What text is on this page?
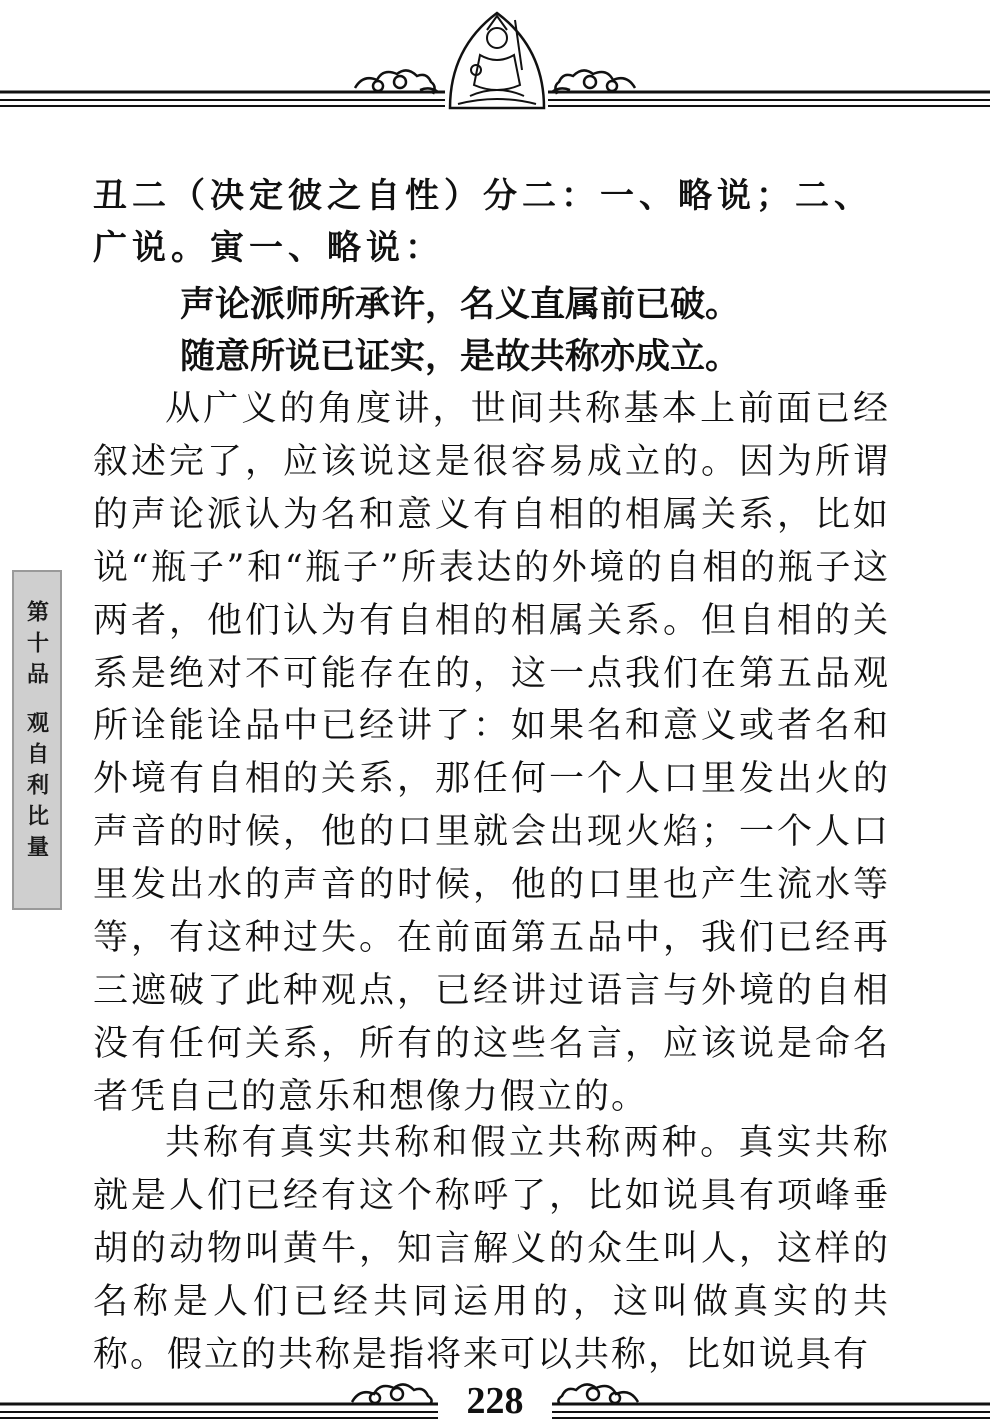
第十品观自利比量
丑二（决定彼之自性）分二：一、略说；二、
广说。寅一、略说：
声论派师所承许，名义直属前已破。
随意所说已证实，是故共称亦成立。

从广义的角度讲，世间共称基本上前面已经叙述完了，应该说这是很容易成立的。因为所谓的声论派认为名和意义有自相的相属关系，比如说“瓶子”和“瓶子”所表达的外境的自相的瓶子这两者，他们认为有自相的相属关系。但自相的关系是绝对不可能存在的，这一点我们在第五品观所诠能诠品中已经讲了：如果名和意义或者名和外境有自相的关系，那任何一个人口里发出火的声音的时候，他的口里就会出现火焰；一个人口里发出水的声音的时候，他的口里也产生流水等等，有这种过失。在前面第五品中，我们已经再三遮破了此种观点，已经讲过语言与外境的自相没有任何关系，所有的这些名言，应该说是命名者凭自己的意乐和想像力假立的。

共称有真实共称和假立共称两种。真实共称就是人们已经有这个称呼了，比如说具有项峰垂胡的动物叫黄牛，知言解义的众生叫人，这样的名称是人们已经共同运用的，这叫做真实的共称。假立的共称是指将来可以共称，比如说具有

228
